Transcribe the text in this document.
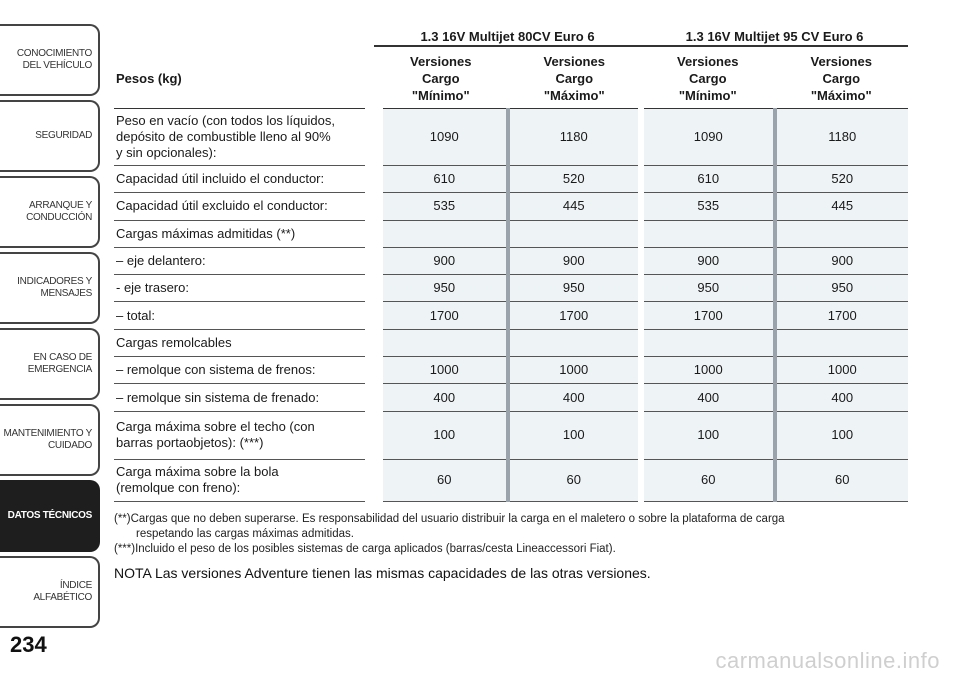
CONOCIMIENTO
DEL VEHÍCULO
SEGURIDAD
ARRANQUE Y
CONDUCCIÓN
INDICADORES Y
MENSAJES
EN CASO DE
EMERGENCIA
MANTENIMIENTO Y
CUIDADO
DATOS TÉCNICOS
ÍNDICE ALFABÉTICO
234
	1.3 16V Multijet 80CV Euro 6		1.3 16V Multijet 95 CV Euro 6	
Pesos (kg)	Versiones
Cargo
"Mínimo"	Versiones
Cargo
"Máximo"	Versiones
Cargo
"Mínimo"	Versiones
Cargo
"Máximo"
Peso en vacío (con todos los líquidos,
depósito de combustible lleno al 90%
y sin opcionales):	1090	1180	1090	1180
Capacidad útil incluido el conductor:	610	520	610	520
Capacidad útil excluido el conductor:	535	445	535	445
Cargas máximas admitidas (**)				
– eje delantero:	900	900	900	900
- eje trasero:	950	950	950	950
– total:	1700	1700	1700	1700
Cargas remolcables				
– remolque con sistema de frenos:	1000	1000	1000	1000
– remolque sin sistema de frenado:	400	400	400	400
Carga máxima sobre el techo (con
barras portaobjetos): (***)	100	100	100	100
Carga máxima sobre la bola
(remolque con freno):	60	60	60	60
(**)Cargas que no deben superarse. Es responsabilidad del usuario distribuir la carga en el maletero o sobre la plataforma de carga
respetando las cargas máximas admitidas.
(***)Incluido el peso de los posibles sistemas de carga aplicados (barras/cesta Lineaccessori Fiat).
NOTA Las versiones Adventure tienen las mismas capacidades de las otras versiones.
carmanualsonline.info
